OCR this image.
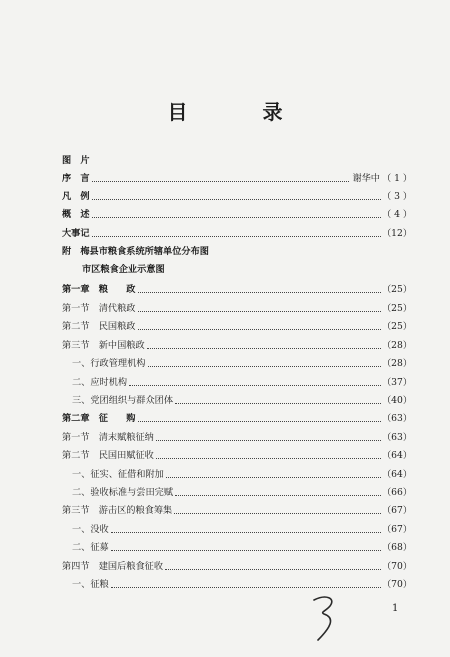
目 录
图　片
序　言	谢华中 （ 1 ）
凡　例	（ 3 ）
概　述	（ 4 ）
大事记	（12）
附　梅县市粮食系统所辖单位分布图
市区粮食企业示意图
第一章　粮　　政	（25）
第一节　清代粮政	（25）
第二节　民国粮政	（25）
第三节　新中国粮政	（28）
一、行政管理机构	（28）
二、应时机构	（37）
三、党团组织与群众团体	（40）
第二章　征　　购	（63）
第一节　清末赋粮征纳	（63）
第二节　民国田赋征收	（64）
一、征实、征借和附加	（64）
二、验收标准与尝田完赋	（66）
第三节　游击区的粮食筹集	（67）
一、没收	（67）
二、征募	（68）
第四节　建国后粮食征收	（70）
一、征粮	（70）
1
